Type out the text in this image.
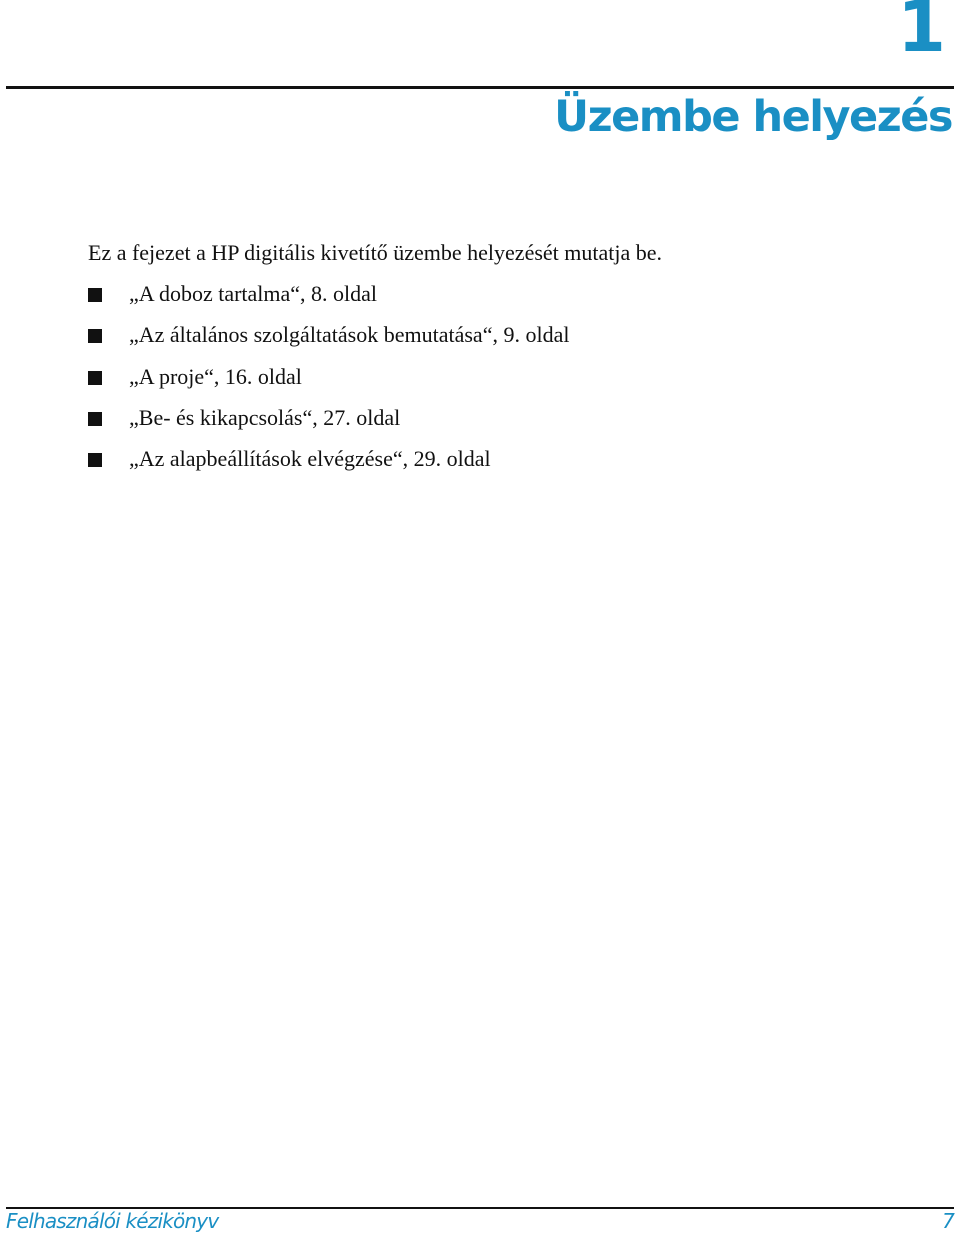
1
Üzembe helyezés
Ez a fejezet a HP digitális kivetítő üzembe helyezését mutatja be.
„A doboz tartalma“, 8. oldal
„Az általános szolgáltatások bemutatása“, 9. oldal
„A proje“, 16. oldal
„Be- és kikapcsolás“, 27. oldal
„Az alapbeállítások elvégzése“, 29. oldal
Felhasználói kézikönyv	7
